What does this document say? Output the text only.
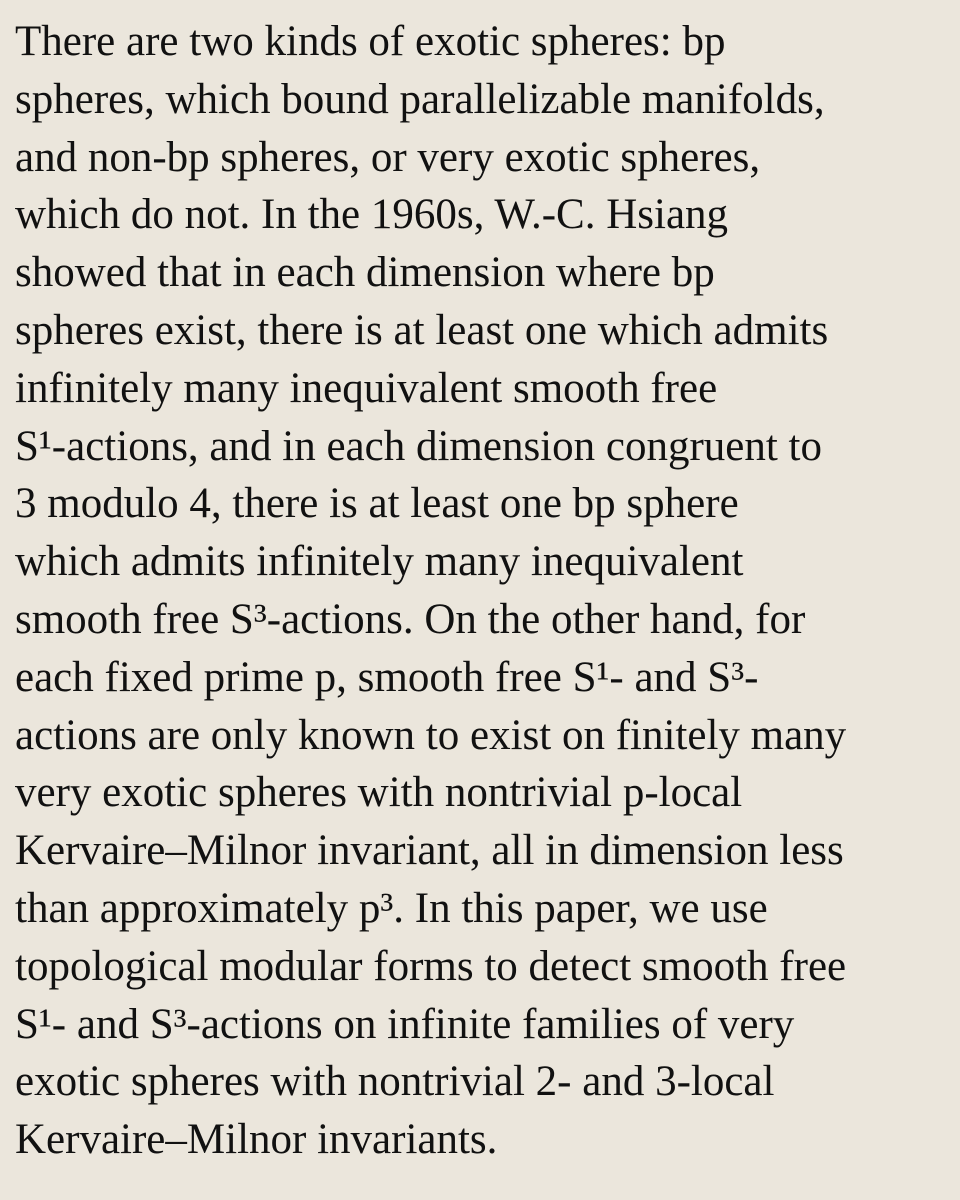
There are two kinds of exotic spheres: bp
spheres, which bound parallelizable manifolds,
and non-bp spheres, or very exotic spheres,
which do not. In the 1960s, W.-C. Hsiang
showed that in each dimension where bp
spheres exist, there is at least one which admits
infinitely many inequivalent smooth free
S¹-actions, and in each dimension congruent to
3 modulo 4, there is at least one bp sphere
which admits infinitely many inequivalent
smooth free S³-actions. On the other hand, for
each fixed prime p, smooth free S¹- and S³-
actions are only known to exist on finitely many
very exotic spheres with nontrivial p-local
Kervaire–Milnor invariant, all in dimension less
than approximately p³. In this paper, we use
topological modular forms to detect smooth free
S¹- and S³-actions on infinite families of very
exotic spheres with nontrivial 2- and 3-local
Kervaire–Milnor invariants.
